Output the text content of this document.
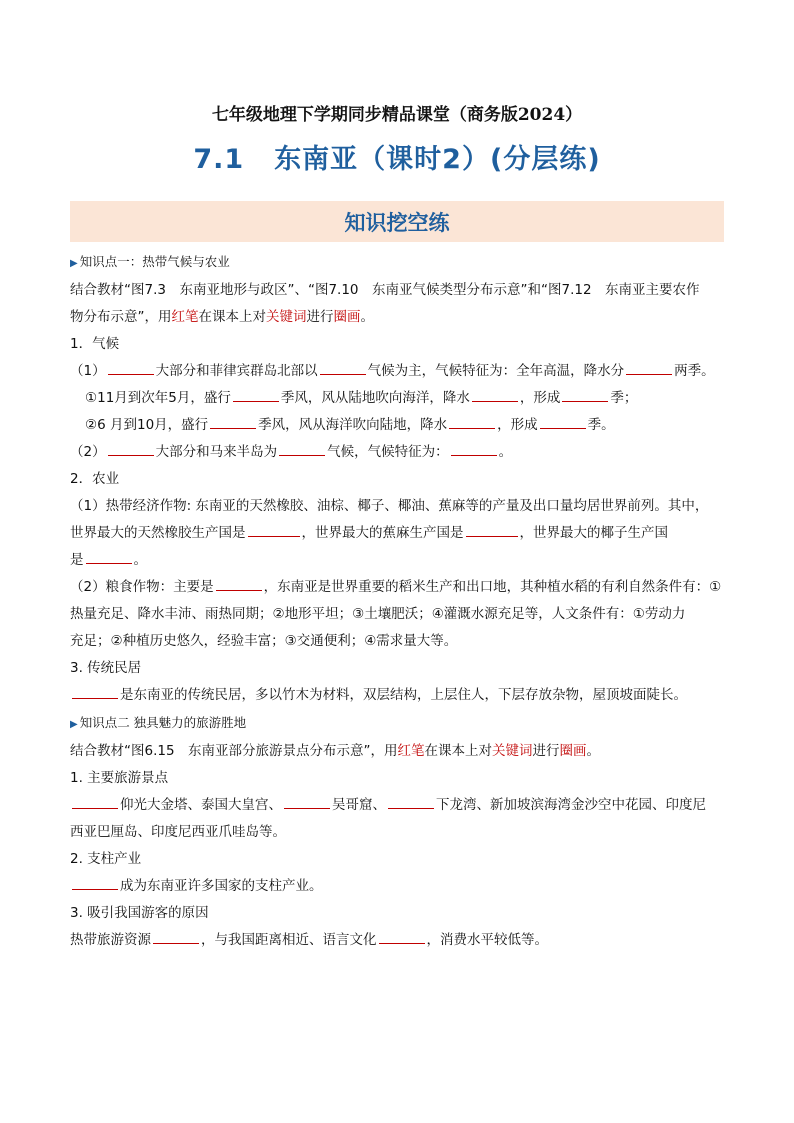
七年级地理下学期同步精品课堂（商务版2024）
7.1 东南亚（课时2）(分层练)
知识挖空练
▶ 知识点一：热带气候与农业
结合教材“图7.3　东南亚地形与政区”、“图7.10　东南亚气候类型分布示意”和“图7.12　东南亚主要农作
物分布示意”，用红笔在课本上对关键词进行圈画。
1．气候
（1）	大部分和菲律宾群岛北部以	气候为主，气候特征为：全年高温，降水分	两季。
①11月到次年5月，盛行	季风，风从陆地吹向海洋，降水	，形成	季；
②6 月到10月，盛行	季风，风从海洋吹向陆地，降水	，形成	季。
（2）	大部分和马来半岛为	气候，气候特征为：	。
2．农业
（1）热带经济作物: 东南亚的天然橡胶、油棕、椰子、椰油、蕉麻等的产量及出口量均居世界前列。其中，
世界最大的天然橡胶生产国是	，世界最大的蕉麻生产国是	，世界最大的椰子生产国
是	。
（2）粮食作物：主要是	，东南亚是世界重要的稻米生产和出口地，其种植水稻的有利自然条件有：①
热量充足、降水丰沛、雨热同期；②地形平坦；③土壤肥沃；④灌溉水源充足等，人文条件有：①劳动力
充足；②种植历史悠久，经验丰富；③交通便利；④需求量大等。
3. 传统民居
是东南亚的传统民居，多以竹木为材料，双层结构，上层住人，下层存放杂物，屋顶坡面陡长。
▶ 知识点二 独具魅力的旅游胜地
结合教材“图6.15　东南亚部分旅游景点分布示意”，用红笔在课本上对关键词进行圈画。
1. 主要旅游景点
仰光大金塔、泰国大皇宫、	吴哥窟、	下龙湾、新加坡滨海湾金沙空中花园、印度尼
西亚巴厘岛、印度尼西亚爪哇岛等。
2. 支柱产业
成为东南亚许多国家的支柱产业。
3. 吸引我国游客的原因
热带旅游资源	，与我国距离相近、语言文化	，消费水平较低等。
